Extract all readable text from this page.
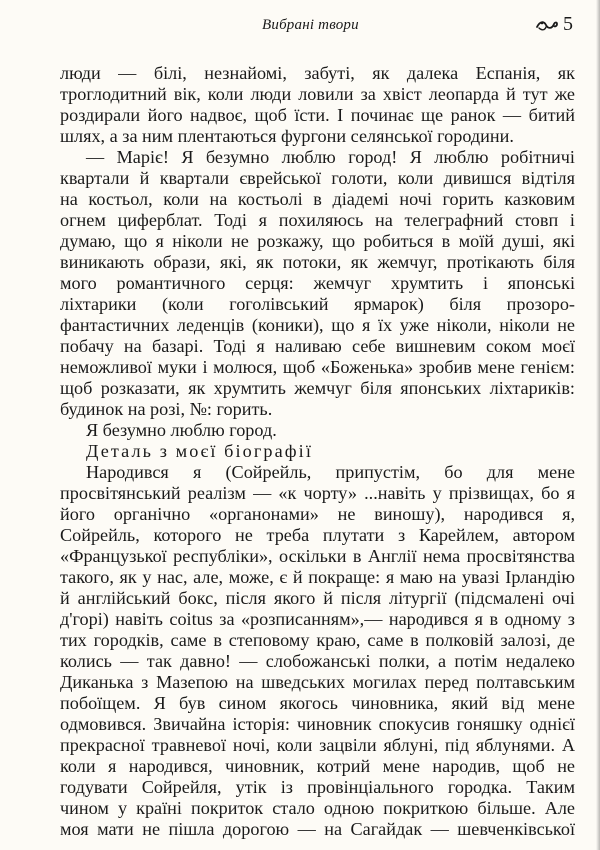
Вибрані твори	5
люди — білі, незнайомі, забуті, як далека Еспанія, як
троглодитний вік, коли люди ловили за хвіст леопарда й тут же
роздирали його надвоє, щоб їсти. І починає ще ранок — битий
шлях, а за ним плентаються фургони селянської городини.
— Маріє! Я безумно люблю город! Я люблю робітничі
квартали й квартали єврейської голоти, коли дивишся відтіля
на костьол, коли на костьолі в діадемі ночі горить казковим
огнем циферблат. Тоді я похиляюсь на телеграфний стовп і
думаю, що я ніколи не розкажу, що робиться в моїй душі, які
виникають образи, які, як потоки, як жемчуг, протікають біля
мого романтичного серця: жемчуг хрумтить і японські
ліхтарики (коли гоголівський ярмарок) біля прозоро-
фантастичних леденців (коники), що я їх уже ніколи, ніколи не
побачу на базарі. Тоді я наливаю себе вишневим соком моєї
неможливої муки і молюся, щоб «Боженька» зробив мене генієм:
щоб розказати, як хрумтить жемчуг біля японських ліхтариків:
будинок на розі, №: горить.
Я безумно люблю город.
Деталь з моєї біографії
Народився я (Сойрейль, припустім, бо для мене
просвітянський реалізм — «к чорту» ...навіть у прізвищах, бо я
його органічно «органонами» не виношу), народився я,
Сойрейль, которого не треба плутати з Карейлем, автором
«Французької республіки», оскільки в Англії нема просвітянства
такого, як у нас, але, може, є й покраще: я маю на увазі Ірландію
й англійський бокс, після якого й після літургії (підсмалені очі
д'горі) навіть coitus за «розписанням»,— народився я в одному з
тих городків, саме в степовому краю, саме в полковій залозі, де
колись — так давно! — слобожанські полки, а потім недалеко
Диканька з Мазепою на шведських могилах перед полтавським
побоїщем. Я був сином якогось чиновника, який від мене
одмовився. Звичайна історія: чиновник спокусив гоняшку однієї
прекрасної травневої ночі, коли зацвіли яблуні, під яблунями. А
коли я народився, чиновник, котрий мене народив, щоб не
годувати Сойрейля, утік із провінціального городка. Таким
чином у країні покриток стало одною покриткою більше. Але
моя мати не пішла дорогою — на Сагайдак — шевченківської
